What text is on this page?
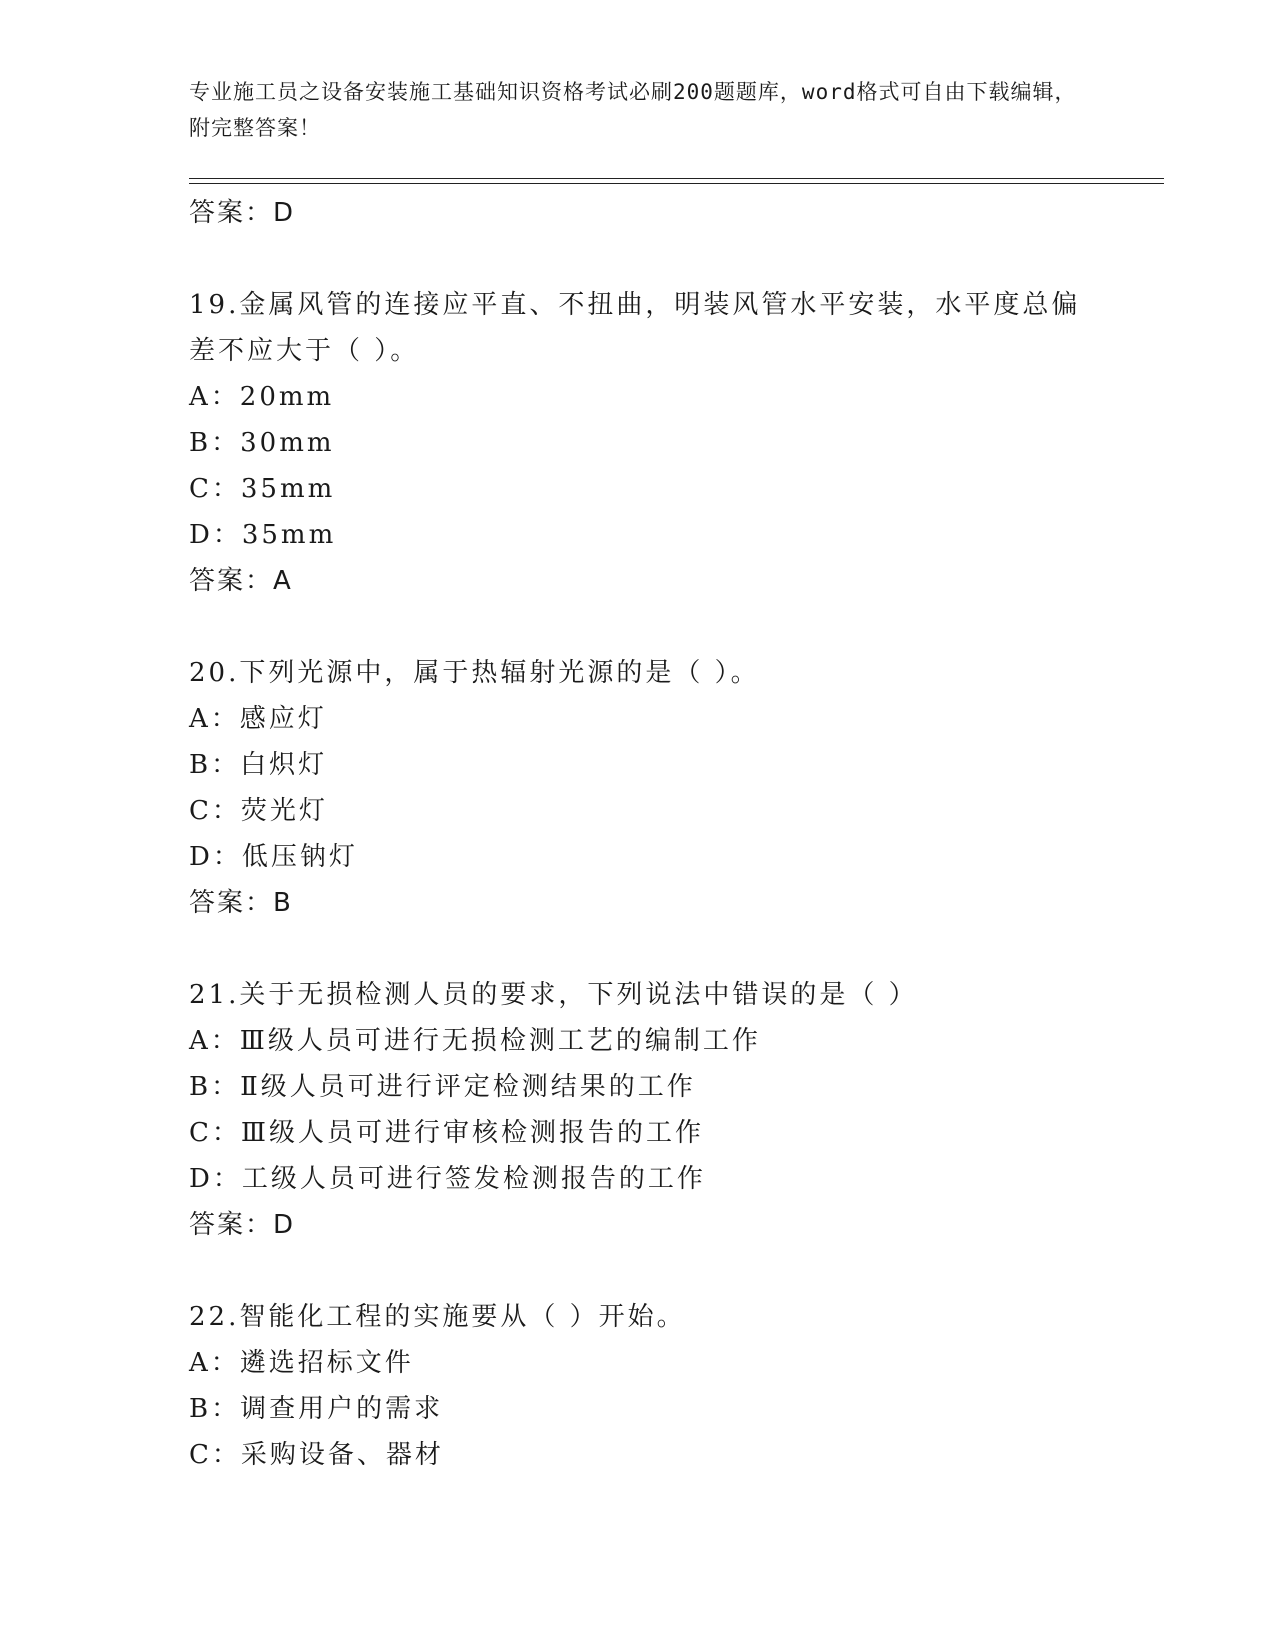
专业施工员之设备安装施工基础知识资格考试必刷200题题库，word格式可自由下载编辑，附完整答案！
答案：D
19.金属风管的连接应平直、不扭曲，明装风管水平安装，水平度总偏
差不应大于（ ）。
A：20mm
B：30mm
C：35mm
D：35mm
答案：A
20.下列光源中，属于热辐射光源的是（ ）。
A：感应灯
B：白炽灯
C：荧光灯
D：低压钠灯
答案：B
21.关于无损检测人员的要求，下列说法中错误的是（ ）
A：Ⅲ级人员可进行无损检测工艺的编制工作
B：Ⅱ级人员可进行评定检测结果的工作
C：Ⅲ级人员可进行审核检测报告的工作
D：工级人员可进行签发检测报告的工作
答案：D
22.智能化工程的实施要从（ ）开始。
A：遴选招标文件
B：调查用户的需求
C：采购设备、器材
